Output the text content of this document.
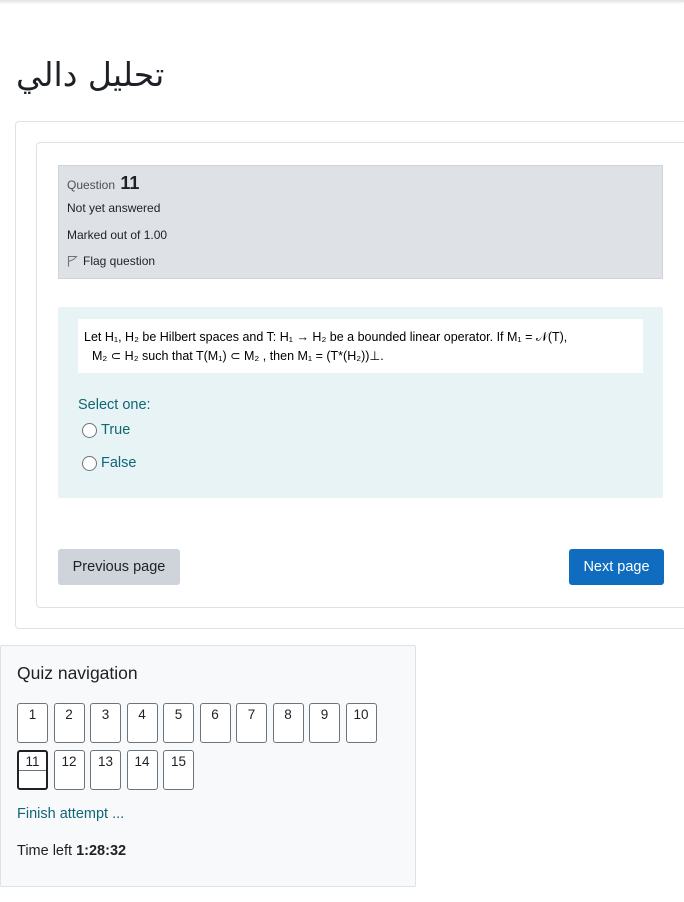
تحليل دالي
Question 11
Not yet answered
Marked out of 1.00
Flag question
Let H₁, H₂ be Hilbert spaces and T: H₁ → H₂ be a bounded linear operator. If M₁ = 𝒩(T),
M₂ ⊂ H₂ such that T(M₁) ⊂ M₂ , then M₁ = (T*(H₂))⊥.
Select one:
True
False
Previous page	Next page
Quiz navigation
1	2	3	4	5	6	7	8	9	10
11	12	13	14	15
Finish attempt ...
Time left 1:28:32
